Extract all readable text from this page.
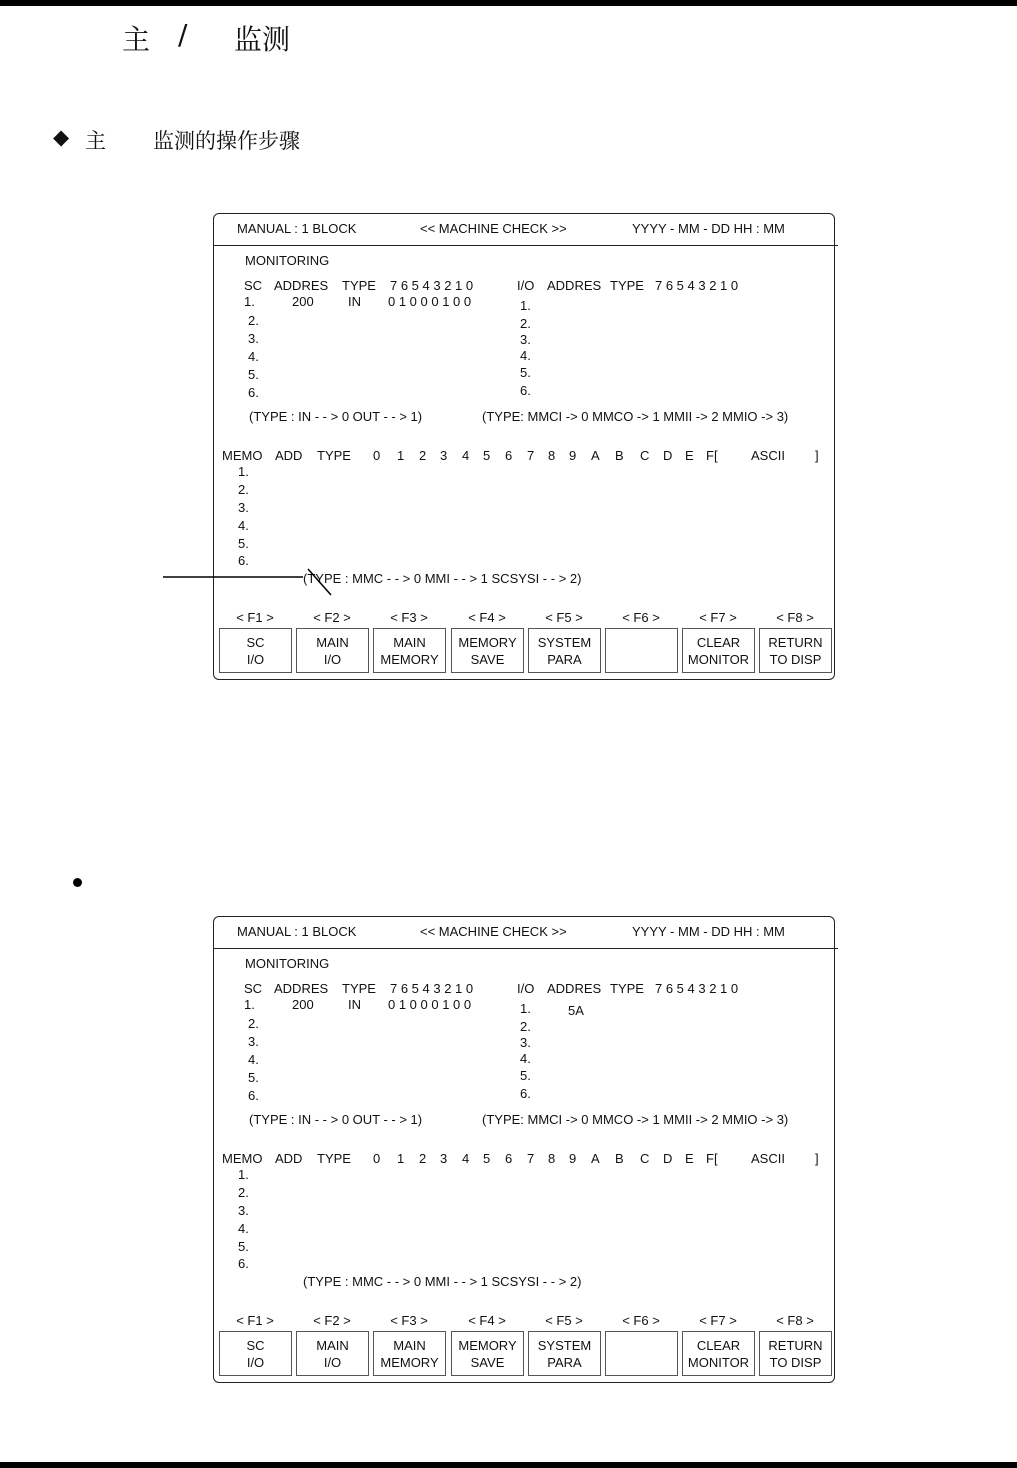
主 / 监测
◆ 主 监测的操作步骤
MANUAL : 1 BLOCK	<< MACHINE CHECK >>	YYYY - MM - DD HH : MM
MONITORING
SC ADDRES TYPE 7 6 5 4 3 2 1 0
1.	200	IN 0 1 0 0 0 1 0 0
2.
3.
4.
5.
6.
I/O ADDRES TYPE 7 6 5 4 3 2 1 0
1.
2.
3.
4.
5.
6.
(TYPE : IN - - > 0 OUT - - > 1)	(TYPE: MMCI -> 0 MMCO -> 1 MMII -> 2 MMIO -> 3)
MEMO ADD TYPE 0 1 2 3 4 5 6 7 8 9 A B C D E F[	ASCII ]
1.
2.
3.
4.
5.
6.
(TYPE : MMC - - > 0 MMI - - > 1 SCSYSI - - > 2)
< F1 >
SC
I/O
< F2 >
MAIN
I/O
< F3 >
MAIN
MEMORY
< F4 >
MEMORY
SAVE
< F5 >
SYSTEM
PARA
< F6 >	< F7 >
CLEAR
MONITOR
< F8 >
RETURN
TO DISP
MANUAL : 1 BLOCK	<< MACHINE CHECK >>	YYYY - MM - DD HH : MM
MONITORING
SC ADDRES TYPE 7 6 5 4 3 2 1 0
1.	200	IN 0 1 0 0 0 1 0 0
2.
3.
4.
5.
6.
I/O ADDRES TYPE 7 6 5 4 3 2 1 0
1.	5A
2.
3.
4.
5.
6.
(TYPE : IN - - > 0 OUT - - > 1)	(TYPE: MMCI -> 0 MMCO -> 1 MMII -> 2 MMIO -> 3)
MEMO ADD TYPE 0 1 2 3 4 5 6 7 8 9 A B C D E F[	ASCII ]
1.
2.
3.
4.
5.
6.
(TYPE : MMC - - > 0 MMI - - > 1 SCSYSI - - > 2)
< F1 >
SC
I/O
< F2 >
MAIN
I/O
< F3 >
MAIN
MEMORY
< F4 >
MEMORY
SAVE
< F5 >
SYSTEM
PARA
< F6 >	< F7 >
CLEAR
MONITOR
< F8 >
RETURN
TO DISP
